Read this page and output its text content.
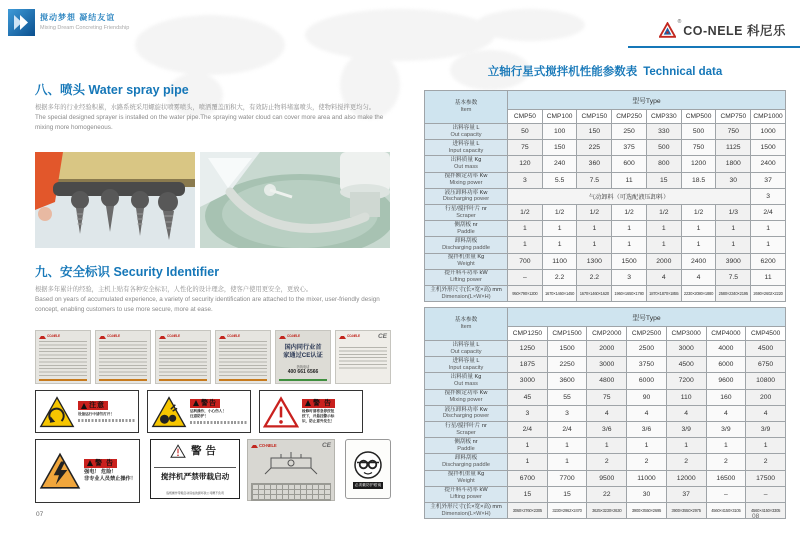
搅动梦想 凝结友谊
Mixing Dream Concreting Friendship
®
CO-NELE 科尼乐
八、喷头 Water spray pipe
根据多年的行业经验积累，水路系统采用螺旋状喷雾喷头，喷洒覆盖面积大，有效防止物料堵塞喷头，使物料搅拌更均匀。
The special designed sprayer is installed on the water pipe.The spraying water cloud can cover more area and also make the mixing more homogeneous.
九、安全标识 Security Identifier
根据多年累计的经验，主机上贴有各种安全标识，人性化的设计理念，使客户使用更安全，更放心。
Based on years of accumulated experience, a variety of security identification are attached to the mixer, user-friendly design concept, enabling customers to use more secure, more at ease.
CO-NELE	CO-NELE	CO-NELE	CO-NELE	CO-NELE
国内同行业首
家通过CE认证
热线电话
400 661 6566
CO-NELE	CE
注意
设备运行中请勿打开！
警告
运转操作，小心伤人！
注意防护！
警 告
检修时请将急停按钮
按下，并悬挂警示标
识，防止意外发生！
警 告
强电！ 危险！
非专业人员禁止操作！
警告
搅拌机严禁带载启动
违规操作带载启动造成的损坏我公司概不负责
CO-NELE	CE
必须戴防护眼镜
07
立轴行星式搅拌机性能参数表 Technical data
基本参数
Item	型号Type							
	CMP50	CMP100	CMP150	CMP250	CMP330	CMP500	CMP750	CMP1000

出料容量 L
Out capacity	50	100	150	250	330	500	750	1000

进料容量 L
Input capacity	75	150	225	375	500	750	1125	1500

出料质量 Kg
Out mass	120	240	360	600	800	1200	1800	2400

搅拌额定功率 Kw
Mixing power	3	5.5	7.5	11	15	18.5	30	37

液压卸料功率 Kw
Discharging power	气动卸料（可选配液压卸料）							3

行星/搅拌叶片 nr
Scraper	1/2	1/2	1/2	1/2	1/2	1/2	1/3	2/4

侧刮板 nr
Paddle	1	1	1	1	1	1	1	1

卸料刮板
Discharging paddle	1	1	1	1	1	1	1	1

搅拌机重量 Kg
Weight	700	1100	1300	1500	2000	2400	3900	6200

提升料斗功率 kW
Lifting power	–	2.2	2.2	3	4	4	7.5	11

主机外形尺寸(长×宽×高) mm
Dimension(L×W×H)	950×790×1200	1670×1460×1450	1670×1460×1620	1960×1650×1780	1870×1870×1855	2230×2080×1880	2580×2340×2195	2690×2602×2220
基本参数
Item	型号Type						
	CMP1250	CMP1500	CMP2000	CMP2500	CMP3000	CMP4000	CMP4500

出料容量 L
Out capacity	1250	1500	2000	2500	3000	4000	4500

进料容量 L
Input capacity	1875	2250	3000	3750	4500	6000	6750

出料质量 Kg
Out mass	3000	3600	4800	6000	7200	9600	10800

搅拌额定功率 Kw
Mixing power	45	55	75	90	110	160	200

液压卸料功率 Kw
Discharging power	3	3	4	4	4	4	4

行星/搅拌叶片 nr
Scraper	2/4	2/4	3/6	3/6	3/9	3/9	3/9

侧刮板 nr
Paddle	1	1	1	1	1	1	1

卸料刮板
Discharging paddle	1	1	2	2	2	2	2

搅拌机重量 Kg
Weight	6700	7700	9500	11000	12000	16500	17500

提升料斗功率 kW
Lifting power	15	15	22	30	37	–	–

主机外形尺寸(长×宽×高) mm
Dimension(L×W×H)	3060×2760×2305	3230×2962×2470	3625×3230×2630	3900×3550×2695	3900×3550×2975	4560×4150×3105	4560×4150×3305
08
